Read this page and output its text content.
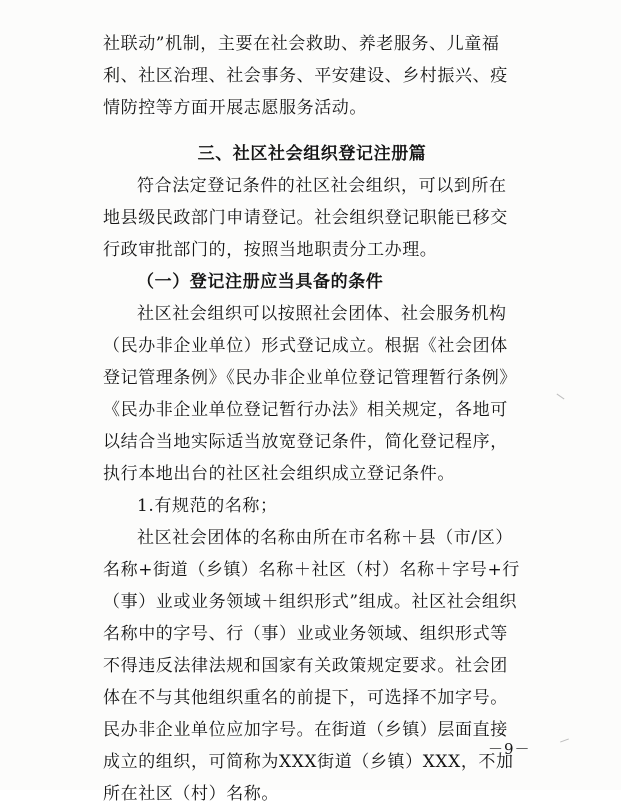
社联动”机制，主要在社会救助、养老服务、儿童福利、社区治理、社会事务、平安建设、乡村振兴、疫情防控等方面开展志愿服务活动。

三、社区社会组织登记注册篇

符合法定登记条件的社区社会组织，可以到所在地县级民政部门申请登记。社会组织登记职能已移交行政审批部门的，按照当地职责分工办理。

（一）登记注册应当具备的条件

社区社会组织可以按照社会团体、社会服务机构（民办非企业单位）形式登记成立。根据《社会团体登记管理条例》《民办非企业单位登记管理暂行条例》《民办非企业单位登记暂行办法》相关规定，各地可以结合当地实际适当放宽登记条件，简化登记程序，执行本地出台的社区社会组织成立登记条件。

1.有规范的名称；

社区社会团体的名称由所在市名称＋县（市/区）名称+街道（乡镇）名称＋社区（村）名称＋字号+行（事）业或业务领域＋组织形式”组成。社区社会组织名称中的字号、行（事）业或业务领域、组织形式等不得违反法律法规和国家有关政策规定要求。社会团体在不与其他组织重名的前提下，可选择不加字号。民办非企业单位应加字号。在街道（乡镇）层面直接成立的组织，可简称为XXX街道（乡镇）XXX，不加所在社区（村）名称。

－9－
